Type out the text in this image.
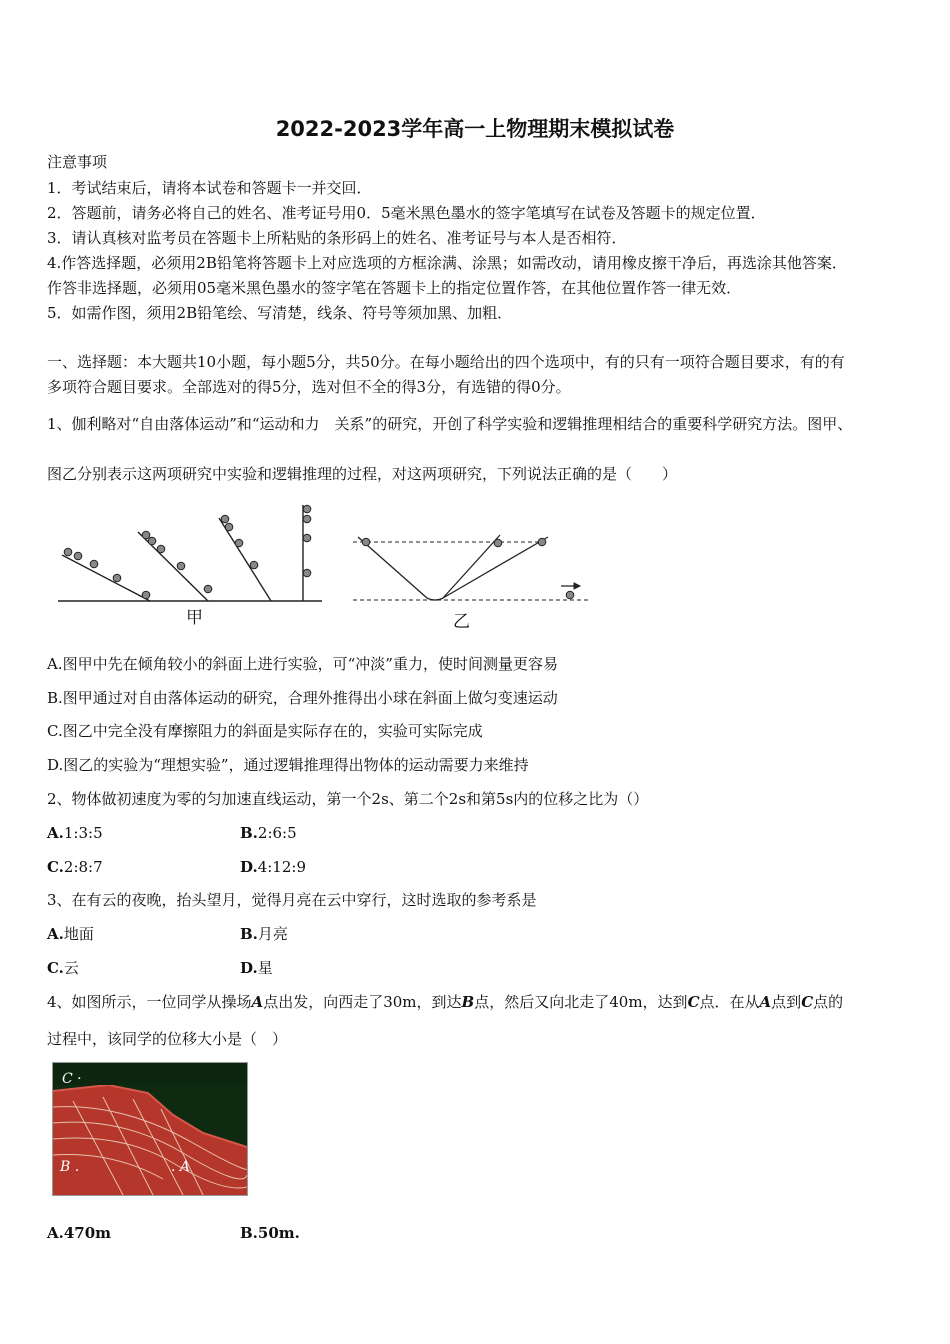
2022-2023学年高一上物理期末模拟试卷
注意事项
1．考试结束后，请将本试卷和答题卡一并交回．
2．答题前，请务必将自己的姓名、准考证号用0．5毫米黑色墨水的签字笔填写在试卷及答题卡的规定位置．
3．请认真核对监考员在答题卡上所粘贴的条形码上的姓名、准考证号与本人是否相符．
4.作答选择题，必须用2B铅笔将答题卡上对应选项的方框涂满、涂黑；如需改动，请用橡皮擦干净后，再选涂其他答案．
作答非选择题，必须用05毫米黑色墨水的签字笔在答题卡上的指定位置作答，在其他位置作答一律无效．
5．如需作图，须用2B铅笔绘、写清楚，线条、符号等须加黑、加粗．
一、选择题：本大题共10小题，每小题5分，共50分。在每小题给出的四个选项中，有的只有一项符合题目要求，有的有
多项符合题目要求。全部选对的得5分，选对但不全的得3分，有选错的得0分。
1、伽利略对“自由落体运动”和“运动和力　关系”的研究，开创了科学实验和逻辑推理相结合的重要科学研究方法。图甲、
图乙分别表示这两项研究中实验和逻辑推理的过程，对这两项研究，下列说法正确的是（　　）
甲	乙
A.图甲中先在倾角较小的斜面上进行实验，可“冲淡”重力，使时间测量更容易
B.图甲通过对自由落体运动的研究，合理外推得出小球在斜面上做匀变速运动
C.图乙中完全没有摩擦阻力的斜面是实际存在的，实验可实际完成
D.图乙的实验为“理想实验”，通过逻辑推理得出物体的运动需要力来维持
2、物体做初速度为零的匀加速直线运动，第一个2s、第二个2s和第5s内的位移之比为（）
A.1:3:5	B.2:6:5
C.2:8:7	D.4:12:9
3、在有云的夜晚，抬头望月，觉得月亮在云中穿行，这时选取的参考系是
A.地面	B.月亮
C.云	D.星
4、如图所示，一位同学从操场A点出发，向西走了30m，到达B点，然后又向北走了40m，达到C点．在从A点到C点的
过程中，该同学的位移大小是（　）
C ·
B .	. A
A.470m	B.50m.
